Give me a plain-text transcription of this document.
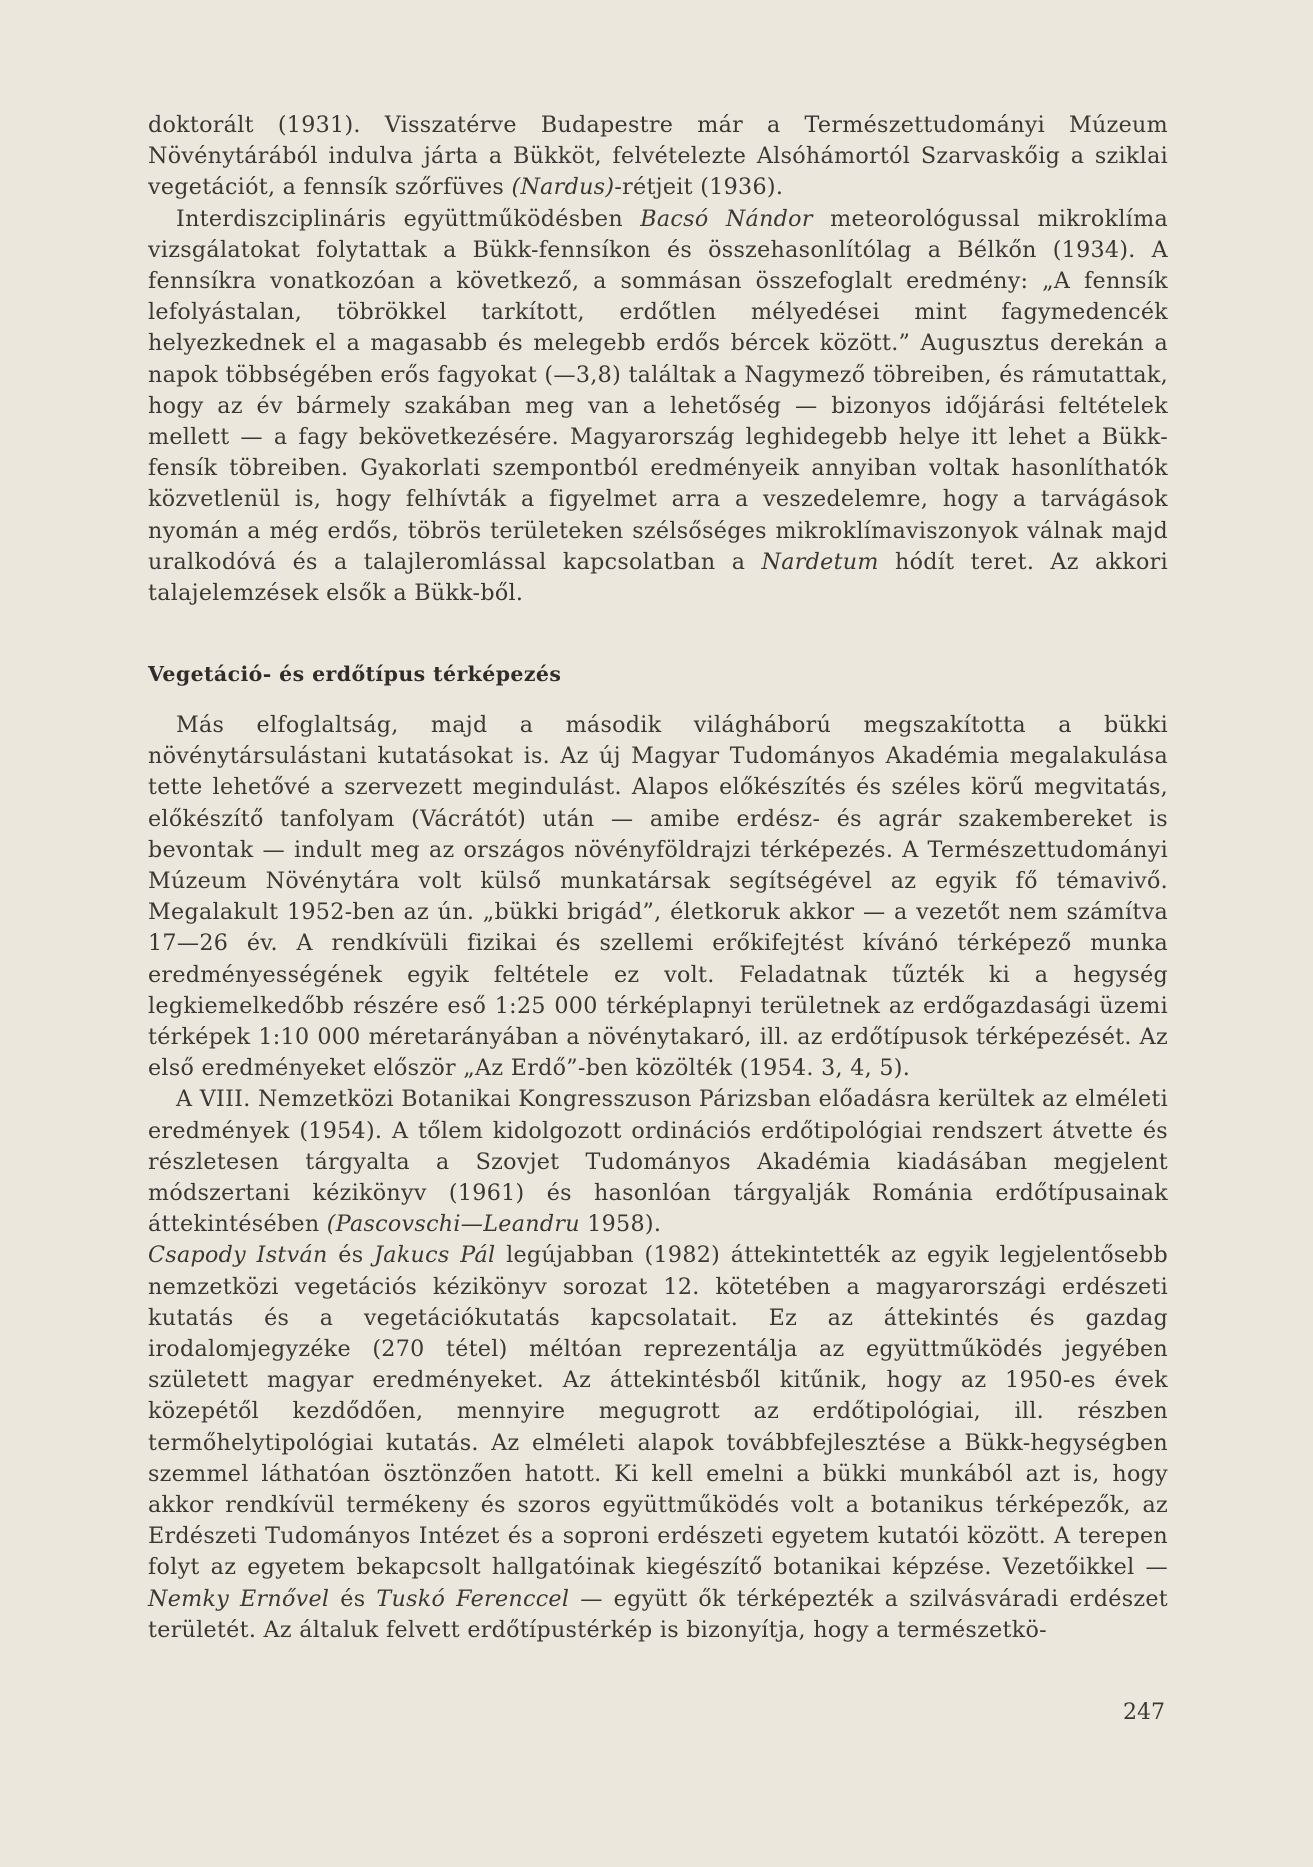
doktorált (1931). Visszatérve Budapestre már a Természettudományi Múzeum Növénytárából indulva járta a Bükköt, felvételezte Alsóhámortól Szarvaskőig a sziklai vegetációt, a fennsík szőrfüves (Nardus)-rétjeit (1936).

Interdiszciplináris együttműködésben Bacsó Nándor meteorológussal mikroklíma vizsgálatokat folytattak a Bükk-fennsíkon és összehasonlítólag a Bélkőn (1934). A fennsíkra vonatkozóan a következő, a sommásan összefoglalt eredmény: „A fennsík lefolyástalan, töbrökkel tarkított, erdőtlen mélyedései mint fagymedencék helyezkednek el a magasabb és melegebb erdős bércek között.” Augusztus derekán a napok többségében erős fagyokat (—3,8) találtak a Nagymező töbreiben, és rámutattak, hogy az év bármely szakában meg van a lehetőség — bizonyos időjárási feltételek mellett — a fagy bekövetkezésére. Magyarország leghidegebb helye itt lehet a Bükk-fensík töbreiben. Gyakorlati szempontból eredményeik annyiban voltak hasonlíthatók közvetlenül is, hogy felhívták a figyelmet arra a veszedelemre, hogy a tarvágások nyomán a még erdős, töbrös területeken szélsőséges mikroklímaviszonyok válnak majd uralkodóvá és a talajleromlással kapcsolatban a Nardetum hódít teret. Az akkori talajelemzések elsők a Bükk-ből.

Vegetáció- és erdőtípus térképezés

Más elfoglaltság, majd a második világháború megszakította a bükki növénytársulástani kutatásokat is. Az új Magyar Tudományos Akadémia megalakulása tette lehetővé a szervezett megindulást. Alapos előkészítés és széles körű megvitatás, előkészítő tanfolyam (Vácrátót) után — amibe erdész- és agrár szakembereket is bevontak — indult meg az országos növényföldrajzi térképezés. A Természettudományi Múzeum Növénytára volt külső munkatársak segítségével az egyik fő témavivő. Megalakult 1952-ben az ún. „bükki brigád”, életkoruk akkor — a vezetőt nem számítva 17—26 év. A rendkívüli fizikai és szellemi erőkifejtést kívánó térképező munka eredményességének egyik feltétele ez volt. Feladatnak tűzték ki a hegység legkiemelkedőbb részére eső 1:25 000 térképlapnyi területnek az erdőgazdasági üzemi térképek 1:10 000 méretarányában a növénytakaró, ill. az erdőtípusok térképezését. Az első eredményeket először „Az Erdő”-ben közölték (1954. 3, 4, 5).

A VIII. Nemzetközi Botanikai Kongresszuson Párizsban előadásra kerültek az elméleti eredmények (1954). A tőlem kidolgozott ordinációs erdőtipológiai rendszert átvette és részletesen tárgyalta a Szovjet Tudományos Akadémia kiadásában megjelent módszertani kézikönyv (1961) és hasonlóan tárgyalják Románia erdőtípusainak áttekintésében (Pascovschi—Leandru 1958).

Csapody István és Jakucs Pál legújabban (1982) áttekintették az egyik legjelentősebb nemzetközi vegetációs kézikönyv sorozat 12. kötetében a magyarországi erdészeti kutatás és a vegetációkutatás kapcsolatait. Ez az áttekintés és gazdag irodalomjegyzéke (270 tétel) méltóan reprezentálja az együttműködés jegyében született magyar eredményeket. Az áttekintésből kitűnik, hogy az 1950-es évek közepétől kezdődően, mennyire megugrott az erdőtipológiai, ill. részben termőhelytipológiai kutatás. Az elméleti alapok továbbfejlesztése a Bükk-hegységben szemmel láthatóan ösztönzően hatott. Ki kell emelni a bükki munkából azt is, hogy akkor rendkívül termékeny és szoros együttműködés volt a botanikus térképezők, az Erdészeti Tudományos Intézet és a soproni erdészeti egyetem kutatói között. A terepen folyt az egyetem bekapcsolt hallgatóinak kiegészítő botanikai képzése. Vezetőikkel — Nemky Ernővel és Tuskó Ferenccel — együtt ők térképezték a szilvásváradi erdészet területét. Az általuk felvett erdőtípustérkép is bizonyítja, hogy a természetkö-

247
